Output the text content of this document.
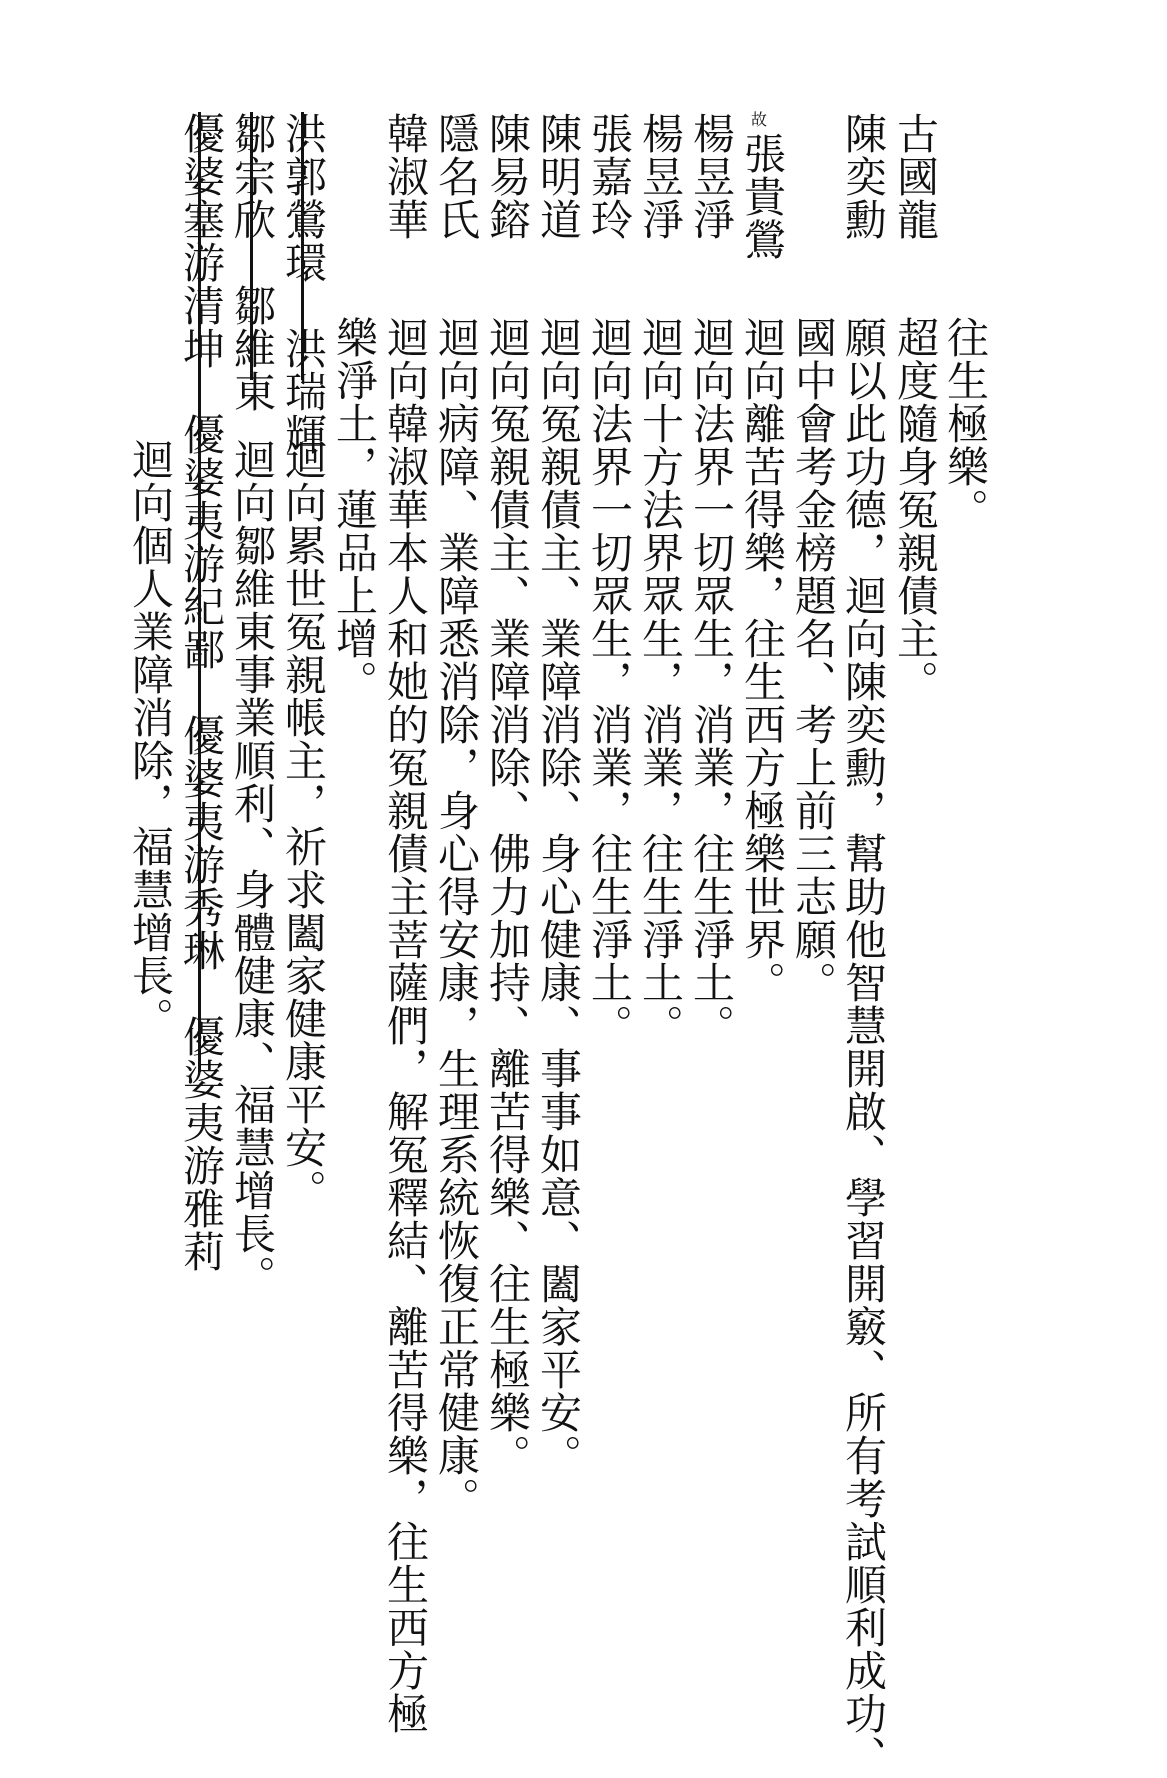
往生極樂。
古國龍
超度隨身冤親債主。
陳奕勳
願以此功德，迴向陳奕勳，幫助他智慧開啟、學習開竅、所有考試順利成功、
國中會考金榜題名、考上前三志願。
故
張貴鶯
迴向離苦得樂，往生西方極樂世界。
楊昱淨
迴向法界一切眾生，消業，往生淨土。
楊昱淨
迴向十方法界眾生，消業，往生淨土。
張嘉玲
迴向法界一切眾生，消業，往生淨土。
陳明道
迴向冤親債主、業障消除、身心健康、事事如意、闔家平安。
陳易鎔
迴向冤親債主、業障消除、佛力加持、離苦得樂、往生極樂。
隱名氏
迴向病障、業障悉消除，身心得安康，生理系統恢復正常健康。
韓淑華
迴向韓淑華本人和她的冤親債主菩薩們，解冤釋結、離苦得樂，往生西方極
樂淨土，蓮品上增。
洪郭鶯環　洪瑞輝
迴向累世冤親帳主，祈求闔家健康平安。
鄒宗欣　鄒維東
迴向鄒維東事業順利、身體健康、福慧增長。
優婆塞游清坤　優婆夷游紀鄙　優婆夷游秀琳　優婆夷游雅莉
迴向個人業障消除，福慧增長。
